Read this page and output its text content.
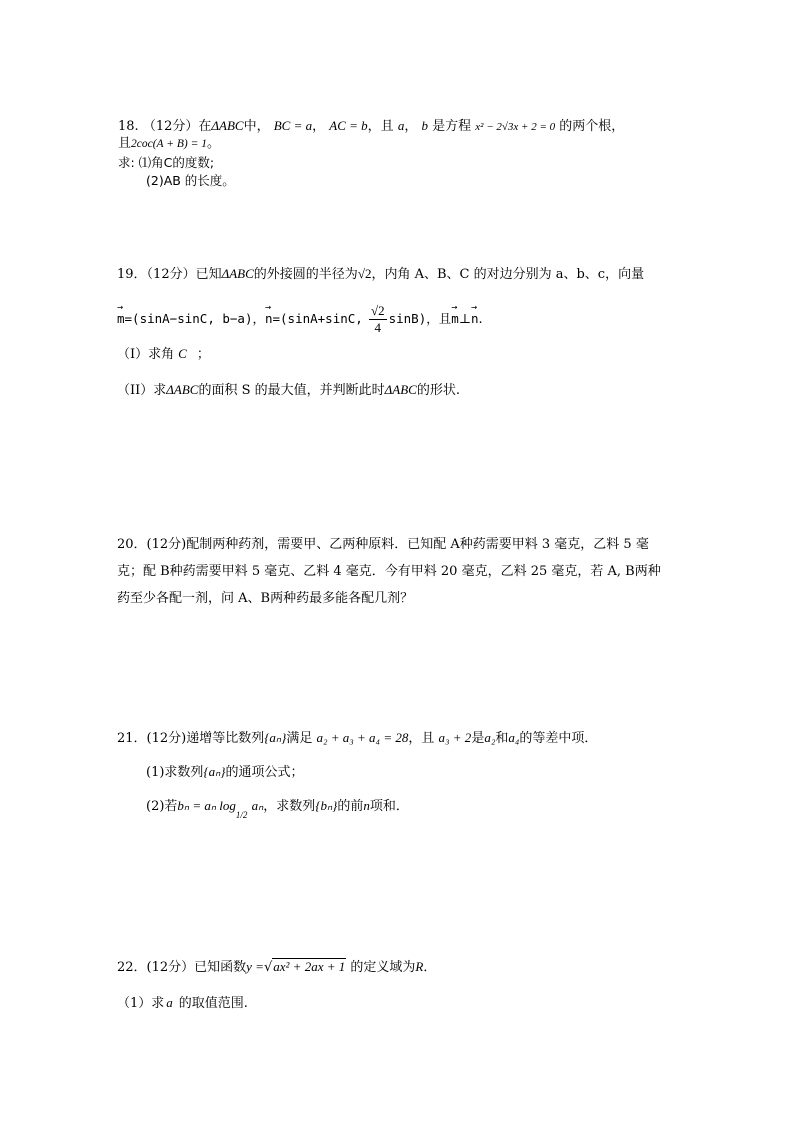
18. （12分）在ΔABC中， BC = a， AC = b，且 a， b 是方程 x² − 2√3x + 2 = 0 的两个根，
且2coc(A + B) = 1。
求: ⑴角C的度数;
(2)AB 的长度。
19．（12分）已知ΔABC的外接圆的半径为√2，内角 A、B、C 的对边分别为 a、b、c，向量
→ m=(sinA−sinC, b−a)，→ n=(sinA+sinC, $\frac{√2}{4} \sin B$)，且→ m⊥→ n.
（I）求角 C ；
（II）求ΔABC的面积 S 的最大值，并判断此时ΔABC的形状.
20．(12分)配制两种药剂，需要甲、乙两种原料．已知配 A种药需要甲料 3 毫克，乙料 5 毫
克；配 B种药需要甲料 5 毫克、乙料 4 毫克．今有甲料 20 毫克，乙料 25 毫克，若 A, B两种
药至少各配一剂，问 A、B两种药最多能各配几剂？
21．(12分)递增等比数列{aₙ}满足 a₂ + a₃ + a₄ = 28，且 a₃ + 2是a₂和a₄的等差中项．
(1)求数列{aₙ}的通项公式；
(2)若bₙ = aₙ $\log_{1/2} a_n$，求数列{bₙ}的前n项和．
22．(12分）已知函数y =√ax² + 2ax + 1 的定义域为R．
（1）求 a 的取值范围.
